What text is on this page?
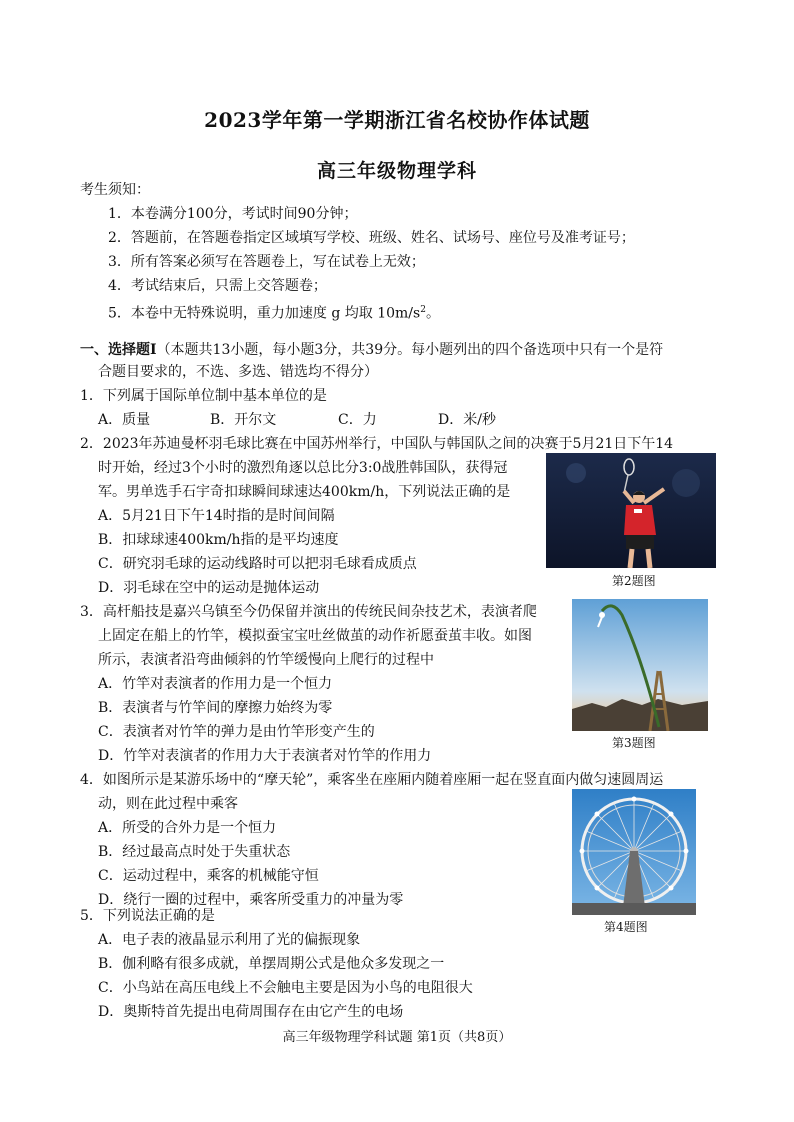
2023学年第一学期浙江省名校协作体试题
高三年级物理学科
考生须知：
1．本卷满分100分，考试时间90分钟；
2．答题前，在答题卷指定区域填写学校、班级、姓名、试场号、座位号及准考证号；
3．所有答案必须写在答题卷上，写在试卷上无效；
4．考试结束后，只需上交答题卷；
5．本卷中无特殊说明，重力加速度 g 均取 $10m/s^2$。
一、选择题Ⅰ（本题共13小题，每小题3分，共39分。每小题列出的四个备选项中只有一个是符
合题目要求的，不选、多选、错选均不得分）
1．下列属于国际单位制中基本单位的是
A．质量	B．开尔文	C．力	D．米/秒
2．2023年苏迪曼杯羽毛球比赛在中国苏州举行，中国队与韩国队之间的决赛于5月21日下午14
时开始，经过3个小时的激烈角逐以总比分3:0战胜韩国队，获得冠
军。男单选手石宇奇扣球瞬间球速达400km/h，下列说法正确的是
A．5月21日下午14时指的是时间间隔
B．扣球球速400km/h指的是平均速度
C．研究羽毛球的运动线路时可以把羽毛球看成质点
D．羽毛球在空中的运动是抛体运动	第2题图
3．高杆船技是嘉兴乌镇至今仍保留并演出的传统民间杂技艺术，表演者爬
上固定在船上的竹竿，模拟蚕宝宝吐丝做茧的动作祈愿蚕茧丰收。如图
所示，表演者沿弯曲倾斜的竹竿缓慢向上爬行的过程中
A．竹竿对表演者的作用力是一个恒力
B．表演者与竹竿间的摩擦力始终为零
C．表演者对竹竿的弹力是由竹竿形变产生的
D．竹竿对表演者的作用力大于表演者对竹竿的作用力
第3题图
4．如图所示是某游乐场中的“摩天轮”，乘客坐在座厢内随着座厢一起在竖直面内做匀速圆周运
动，则在此过程中乘客
A．所受的合外力是一个恒力
B．经过最高点时处于失重状态
C．运动过程中，乘客的机械能守恒
D．绕行一圈的过程中，乘客所受重力的冲量为零
第4题图
5．下列说法正确的是
A．电子表的液晶显示利用了光的偏振现象
B．伽利略有很多成就，单摆周期公式是他众多发现之一
C．小鸟站在高压电线上不会触电主要是因为小鸟的电阻很大
D．奥斯特首先提出电荷周围存在由它产生的电场
高三年级物理学科试题 第1页（共8页）
